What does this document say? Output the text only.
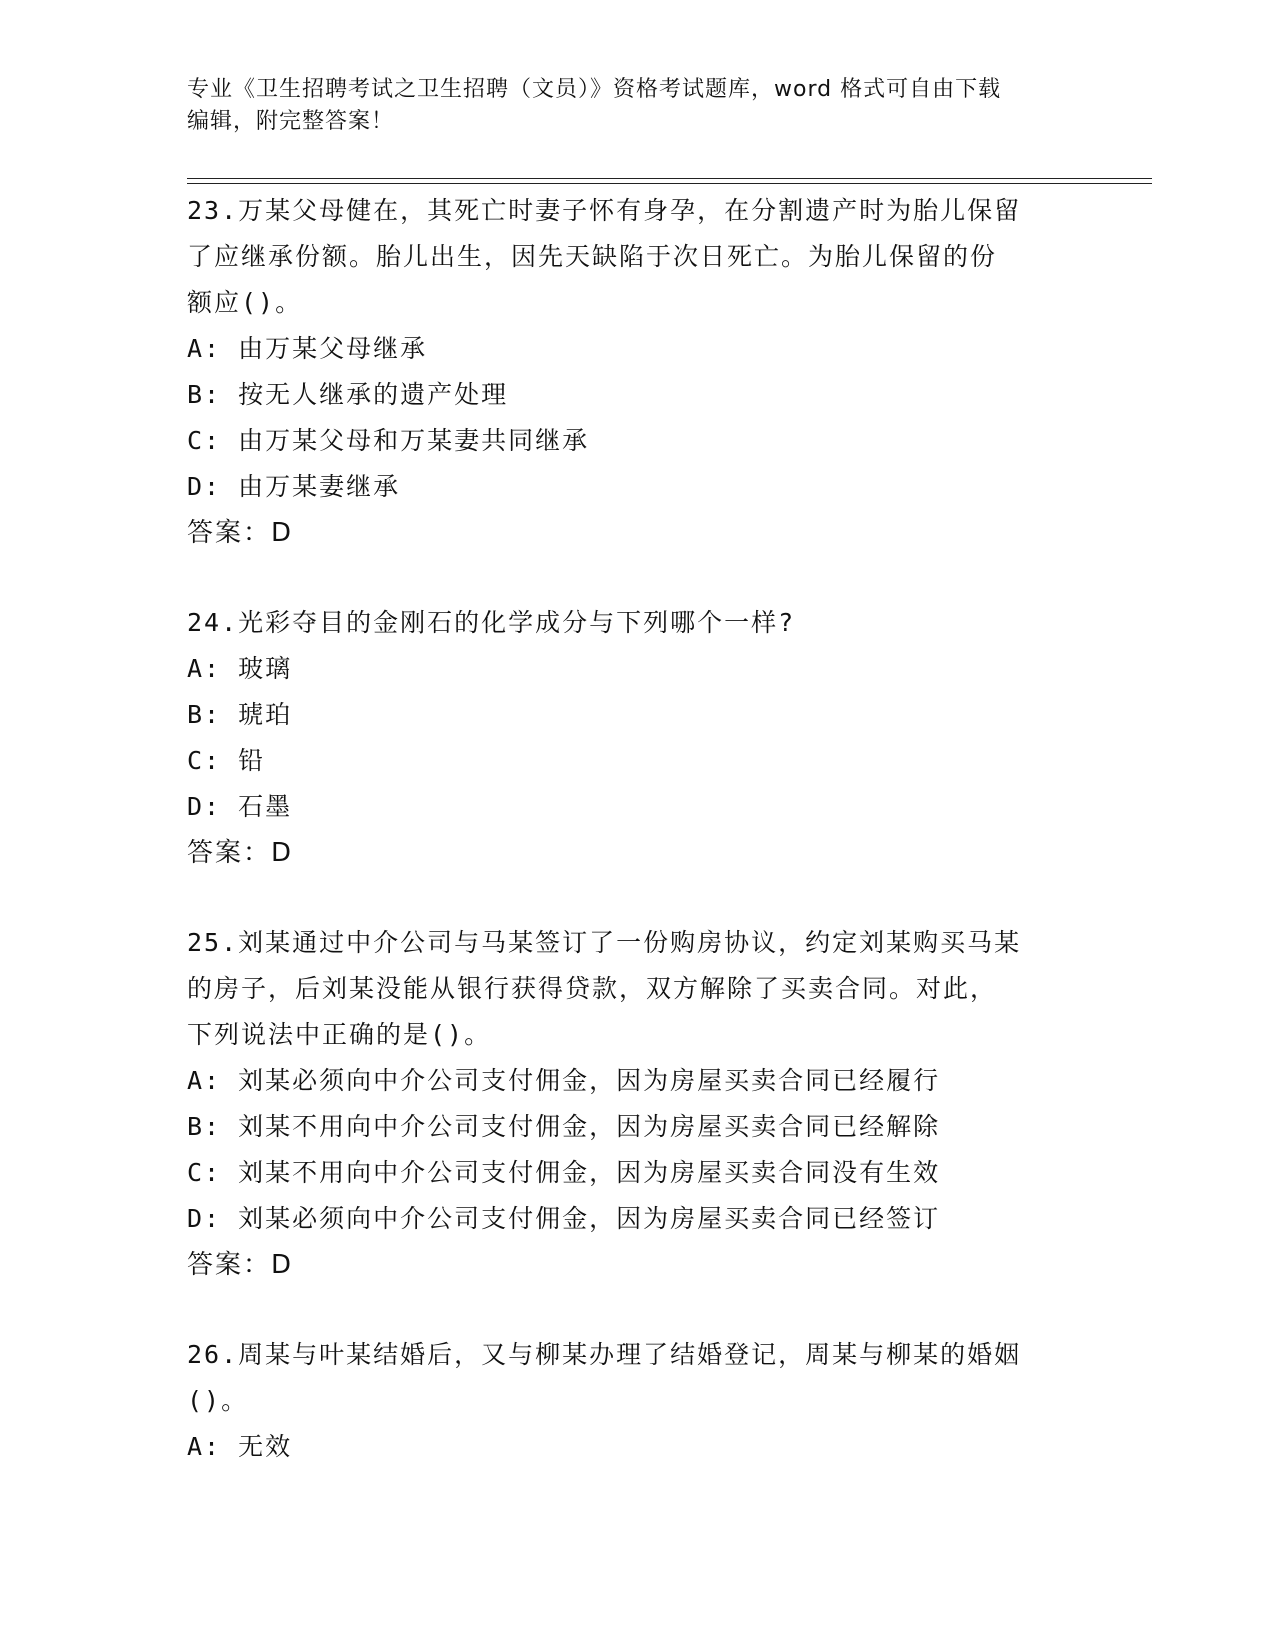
专业《卫生招聘考试之卫生招聘（文员）》资格考试题库，word 格式可自由下载
编辑，附完整答案！
23.万某父母健在，其死亡时妻子怀有身孕，在分割遗产时为胎儿保留
了应继承份额。胎儿出生，因先天缺陷于次日死亡。为胎儿保留的份
额应()。
A: 由万某父母继承
B: 按无人继承的遗产处理
C: 由万某父母和万某妻共同继承
D: 由万某妻继承
答案：D
24.光彩夺目的金刚石的化学成分与下列哪个一样?
A: 玻璃
B: 琥珀
C: 铅
D: 石墨
答案：D
25.刘某通过中介公司与马某签订了一份购房协议，约定刘某购买马某
的房子，后刘某没能从银行获得贷款，双方解除了买卖合同。对此，
下列说法中正确的是()。
A: 刘某必须向中介公司支付佣金，因为房屋买卖合同已经履行
B: 刘某不用向中介公司支付佣金，因为房屋买卖合同已经解除
C: 刘某不用向中介公司支付佣金，因为房屋买卖合同没有生效
D: 刘某必须向中介公司支付佣金，因为房屋买卖合同已经签订
答案：D
26.周某与叶某结婚后，又与柳某办理了结婚登记，周某与柳某的婚姻
()。
A: 无效
